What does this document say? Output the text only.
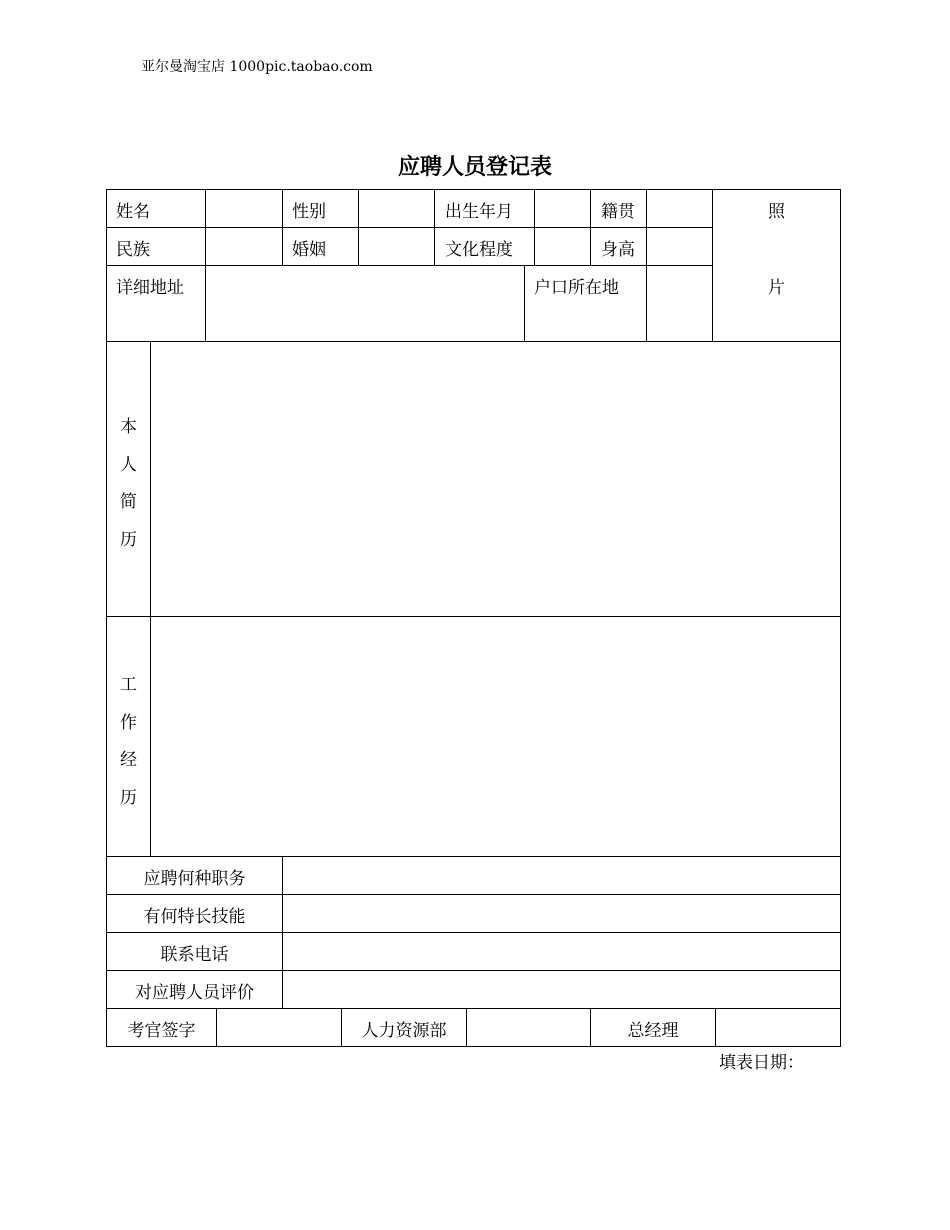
亚尔曼淘宝店 1000pic.taobao.com
应聘人员登记表
姓名	性别	出生年月	籍贯
民族	婚姻	文化程度	身高
详细地址	户口所在地
照
片
本
人
简
历
工
作
经
历
应聘何种职务
有何特长技能
联系电话
对应聘人员评价
考官签字	人力资源部	总经理
填表日期：
